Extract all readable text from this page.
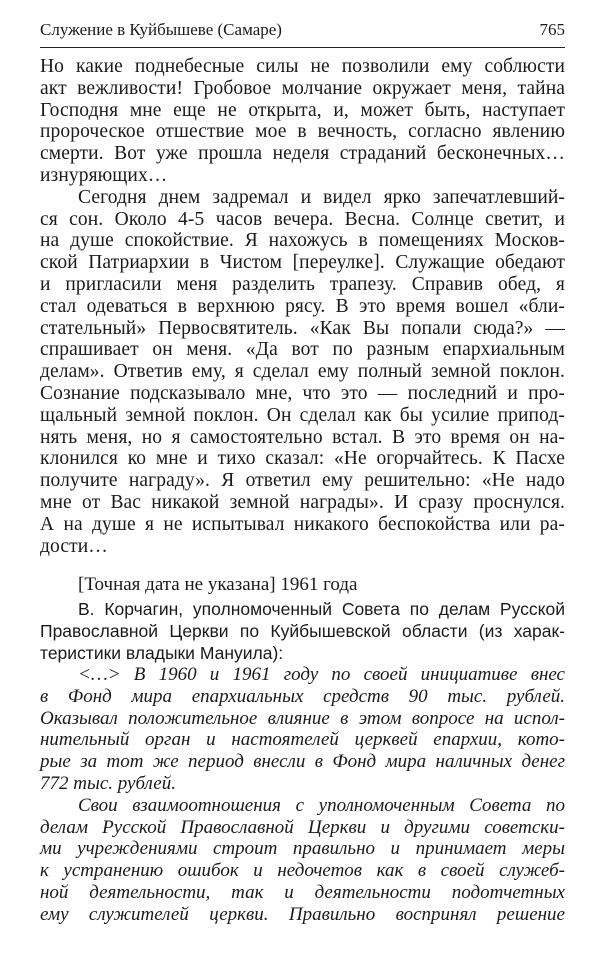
Служение в Куйбышеве (Самаре)	765
Но какие поднебесные силы не позволили ему соблюсти
акт вежливости! Гробовое молчание окружает меня, тайна
Господня мне еще не открыта, и, может быть, наступает
пророческое отшествие мое в вечность, согласно явлению
смерти. Вот уже прошла неделя страданий бесконечных…
изнуряющих…
Сегодня днем задремал и видел ярко запечатлевший-
ся сон. Около 4-5 часов вечера. Весна. Солнце светит, и
на душе спокойствие. Я нахожусь в помещениях Москов-
ской Патриархии в Чистом [переулке]. Служащие обедают
и пригласили меня разделить трапезу. Справив обед, я
стал одеваться в верхнюю рясу. В это время вошел «бли-
стательный» Первосвятитель. «Как Вы попали сюда?» —
спрашивает он меня. «Да вот по разным епархиальным
делам». Ответив ему, я сделал ему полный земной поклон.
Сознание подсказывало мне, что это — последний и про-
щальный земной поклон. Он сделал как бы усилие припод-
нять меня, но я самостоятельно встал. В это время он на-
клонился ко мне и тихо сказал: «Не огорчайтесь. К Пасхе
получите награду». Я ответил ему решительно: «Не надо
мне от Вас никакой земной награды». И сразу проснулся.
А на душе я не испытывал никакого беспокойства или ра-
дости…
[Точная дата не указана] 1961 года
В. Корчагин, уполномоченный Совета по делам Русской
Православной Церкви по Куйбышевской области (из харак-
теристики владыки Мануила):
<…> В 1960 и 1961 году по своей инициативе внес
в Фонд мира епархиальных средств 90 тыс. рублей.
Оказывал положительное влияние в этом вопросе на испол-
нительный орган и настоятелей церквей епархии, кото-
рые за тот же период внесли в Фонд мира наличных денег
772 тыс. рублей.
Свои взаимоотношения с уполномоченным Совета по
делам Русской Православной Церкви и другими советски-
ми учреждениями строит правильно и принимает меры
к устранению ошибок и недочетов как в своей служеб-
ной деятельности, так и деятельности подотчетных
ему служителей церкви. Правильно воспринял решение
